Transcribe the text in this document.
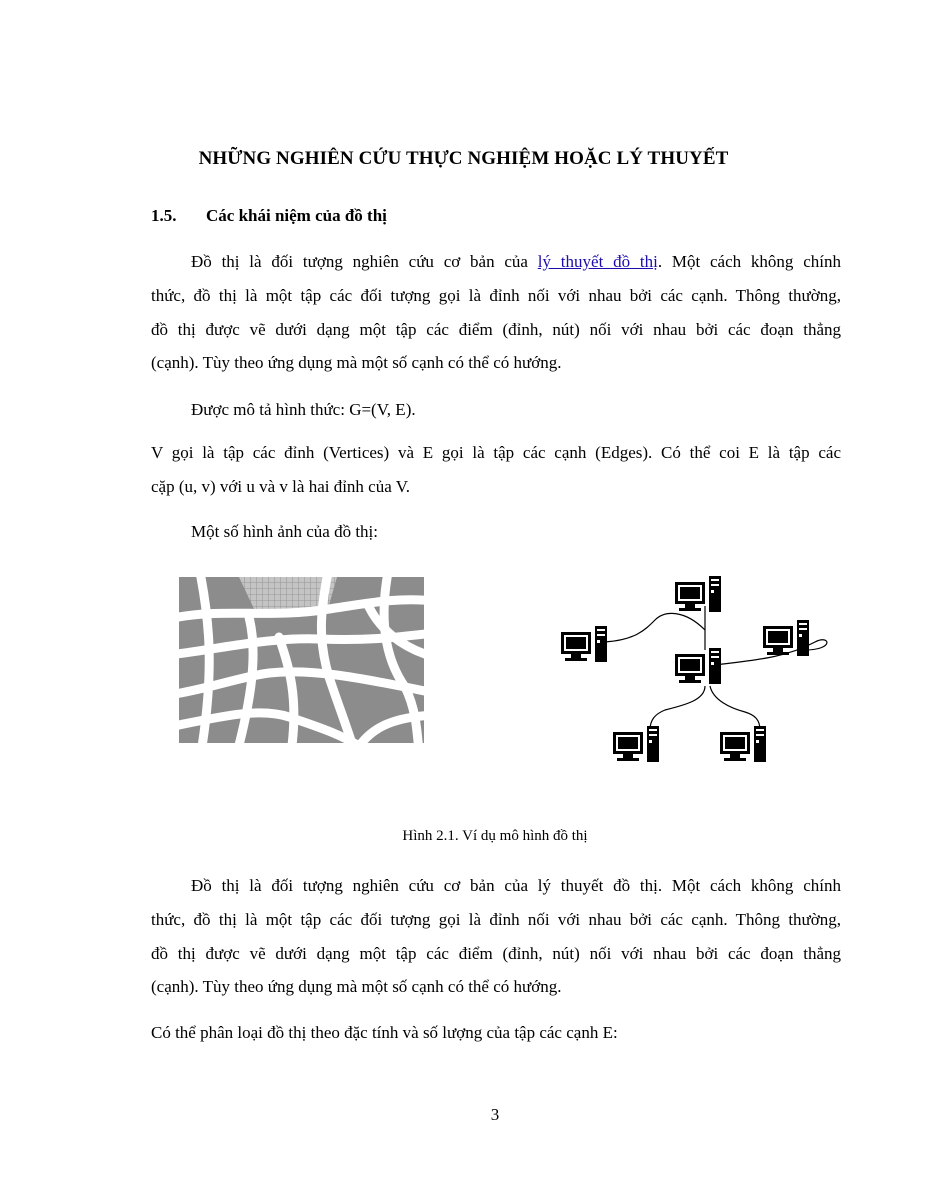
NHỮNG NGHIÊN CỨU THỰC NGHIỆM HOẶC LÝ THUYẾT
1.5. Các khái niệm của đồ thị
Đồ thị là đối tượng nghiên cứu cơ bản của lý thuyết đồ thị. Một cách không chính
thức, đồ thị là một tập các đối tượng gọi là đỉnh nối với nhau bởi các cạnh. Thông thường,
đồ thị được vẽ dưới dạng một tập các điểm (đỉnh, nút) nối với nhau bởi các đoạn thẳng
(cạnh). Tùy theo ứng dụng mà một số cạnh có thể có hướng.
Được mô tả hình thức: G=(V, E).
V gọi là tập các đỉnh (Vertices) và E gọi là tập các cạnh (Edges). Có thể coi E là tập các
cặp (u, v) với u và v là hai đỉnh của V.
Một số hình ảnh của đồ thị:
Hình 2.1. Ví dụ mô hình đồ thị
Đồ thị là đối tượng nghiên cứu cơ bản của lý thuyết đồ thị. Một cách không chính
thức, đồ thị là một tập các đối tượng gọi là đỉnh nối với nhau bởi các cạnh. Thông thường,
đồ thị được vẽ dưới dạng một tập các điểm (đỉnh, nút) nối với nhau bởi các đoạn thẳng
(cạnh). Tùy theo ứng dụng mà một số cạnh có thể có hướng.
Có thể phân loại đồ thị theo đặc tính và số lượng của tập các cạnh E:
3
